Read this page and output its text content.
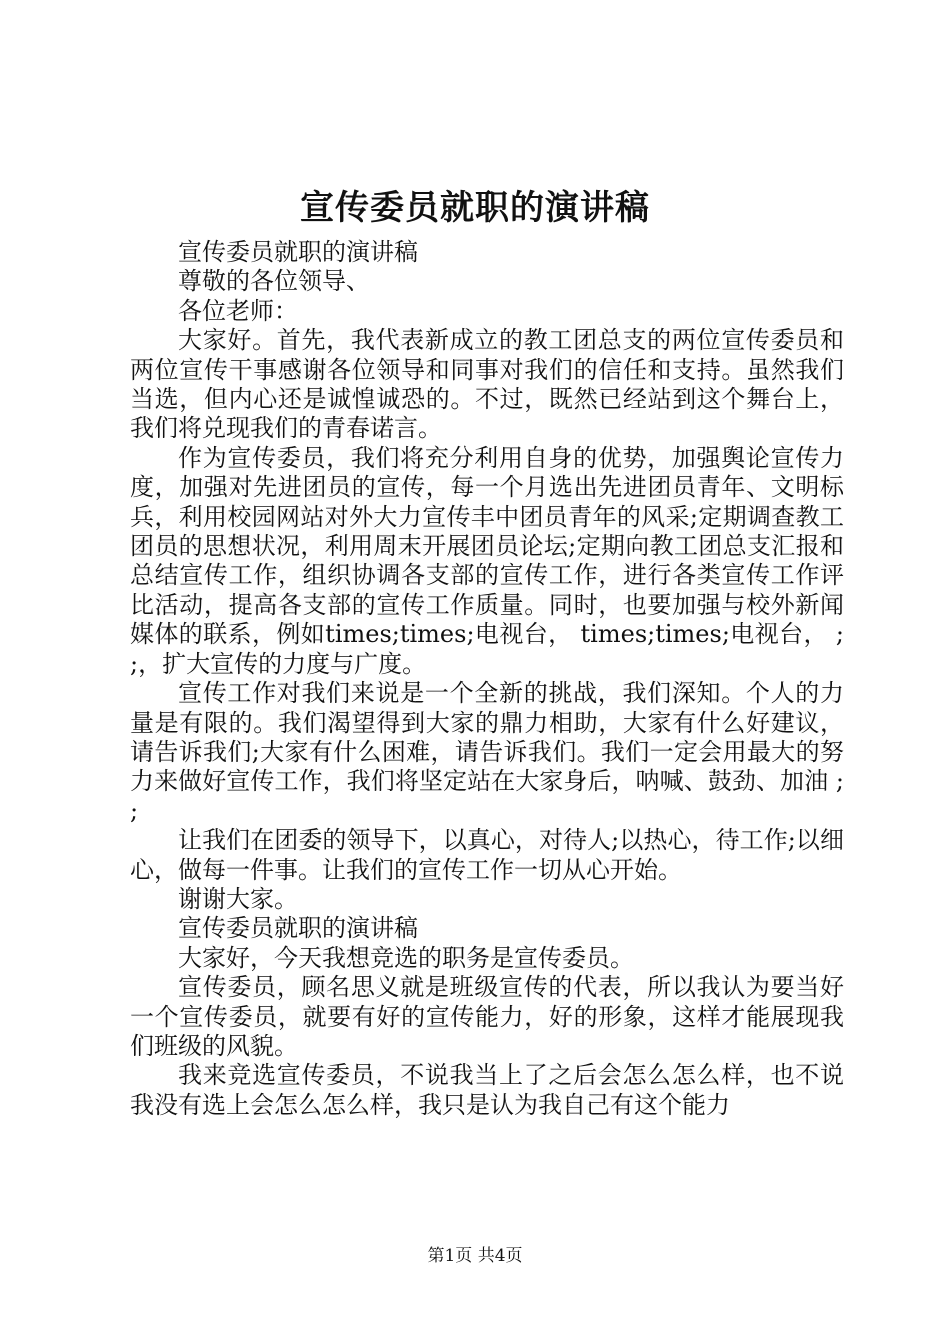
宣传委员就职的演讲稿

宣传委员就职的演讲稿

尊敬的各位领导、

各位老师：

大家好。首先，我代表新成立的教工团总支的两位宣传委员和两位宣传干事感谢各位领导和同事对我们的信任和支持。虽然我们当选，但内心还是诚惶诚恐的。不过，既然已经站到这个舞台上，我们将兑现我们的青春诺言。

作为宣传委员，我们将充分利用自身的优势，加强舆论宣传力度，加强对先进团员的宣传，每一个月选出先进团员青年、文明标兵，利用校园网站对外大力宣传丰中团员青年的风采;定期调查教工团员的思想状况，利用周末开展团员论坛;定期向教工团总支汇报和总结宣传工作，组织协调各支部的宣传工作，进行各类宣传工作评比活动，提高各支部的宣传工作质量。同时，也要加强与校外新闻媒体的联系，例如times;times;电视台， times;times;电视台， ; ;，扩大宣传的力度与广度。

宣传工作对我们来说是一个全新的挑战，我们深知。个人的力量是有限的。我们渴望得到大家的鼎力相助，大家有什么好建议，请告诉我们;大家有什么困难，请告诉我们。我们一定会用最大的努力来做好宣传工作，我们将坚定站在大家身后，呐喊、鼓劲、加油 ; ;

让我们在团委的领导下，以真心，对待人;以热心，待工作;以细心，做每一件事。让我们的宣传工作一切从心开始。

谢谢大家。

宣传委员就职的演讲稿

大家好，今天我想竞选的职务是宣传委员。

宣传委员，顾名思义就是班级宣传的代表，所以我认为要当好一个宣传委员，就要有好的宣传能力，好的形象，这样才能展现我们班级的风貌。

我来竞选宣传委员，不说我当上了之后会怎么怎么样，也不说我没有选上会怎么怎么样，我只是认为我自己有这个能力

第1页 共4页
